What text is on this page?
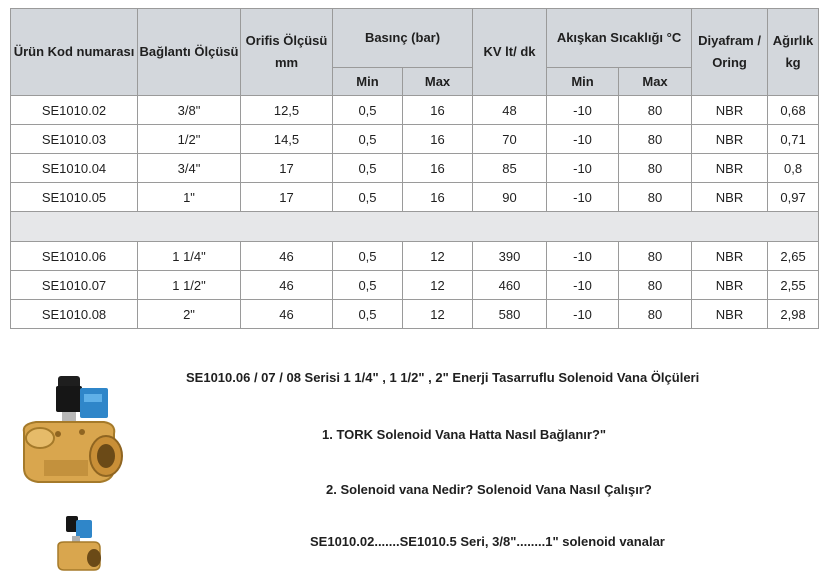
Ürün Kod numarası	Bağlantı Ölçüsü	Orifis Ölçüsü mm	Basınç (bar)		KV lt/ dk	Akışkan Sıcaklığı °C		Diyafram / Oring	Ağırlık kg
			Min	Max		Min	Max		
SE1010.02	3/8"	12,5	0,5	16	48	-10	80	NBR	0,68
SE1010.03	1/2"	14,5	0,5	16	70	-10	80	NBR	0,71
SE1010.04	3/4"	17	0,5	16	85	-10	80	NBR	0,8
SE1010.05	1"	17	0,5	16	90	-10	80	NBR	0,97

SE1010.06	1 1/4"	46	0,5	12	390	-10	80	NBR	2,65
SE1010.07	1 1/2"	46	0,5	12	460	-10	80	NBR	2,55
SE1010.08	2"	46	0,5	12	580	-10	80	NBR	2,98
SE1010.06 / 07 / 08 Serisi 1 1/4" , 1 1/2" , 2" Enerji Tasarruflu Solenoid Vana Ölçüleri
1. TORK Solenoid Vana Hatta Nasıl Bağlanır?"
2. Solenoid vana Nedir? Solenoid Vana Nasıl Çalışır?
SE1010.02.......SE1010.5 Seri, 3/8"........1" solenoid vanalar
